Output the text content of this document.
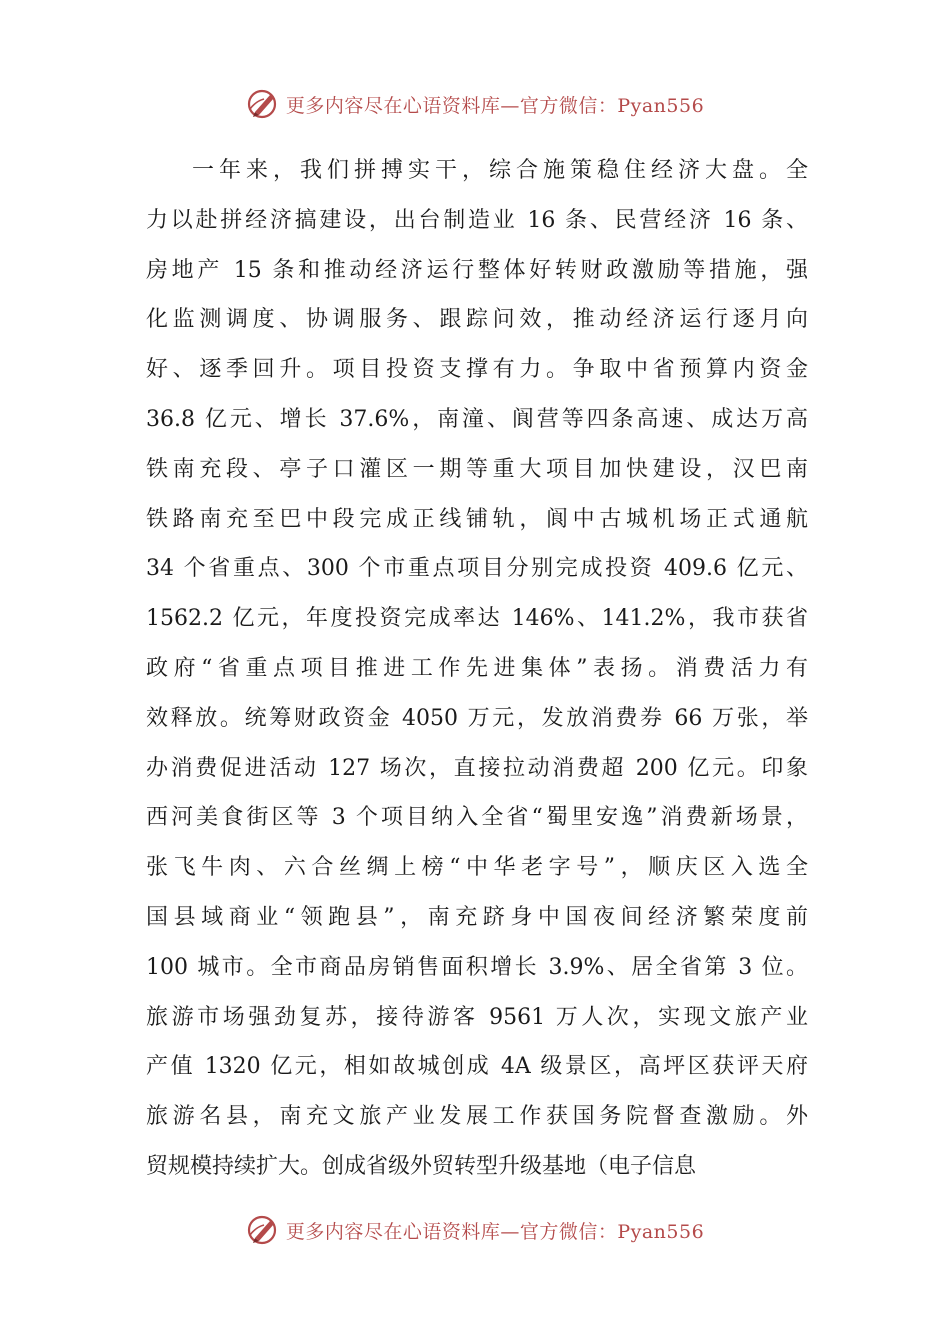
更多内容尽在心语资料库—官方微信：Pyan556
一年来，我们拼搏实干，综合施策稳住经济大盘。全
力以赴拼经济搞建设，出台制造业 16 条、民营经济 16 条、
房地产 15 条和推动经济运行整体好转财政激励等措施，强
化监测调度、协调服务、跟踪问效，推动经济运行逐月向
好、逐季回升。项目投资支撑有力。争取中省预算内资金
36.8 亿元、增长 37.6%，南潼、阆营等四条高速、成达万高
铁南充段、亭子口灌区一期等重大项目加快建设，汉巴南
铁路南充至巴中段完成正线铺轨，阆中古城机场正式通航
34 个省重点、300 个市重点项目分别完成投资 409.6 亿元、
1562.2 亿元，年度投资完成率达 146%、141.2%，我市获省
政府“省重点项目推进工作先进集体”表扬。消费活力有
效释放。统筹财政资金 4050 万元，发放消费券 66 万张，举
办消费促进活动 127 场次，直接拉动消费超 200 亿元。印象
西河美食街区等 3 个项目纳入全省“蜀里安逸”消费新场景，
张飞牛肉、六合丝绸上榜“中华老字号”，顺庆区入选全
国县域商业“领跑县”，南充跻身中国夜间经济繁荣度前
100 城市。全市商品房销售面积增长 3.9%、居全省第 3 位。
旅游市场强劲复苏，接待游客 9561 万人次，实现文旅产业
产值 1320 亿元，相如故城创成 4A 级景区，高坪区获评天府
旅游名县，南充文旅产业发展工作获国务院督查激励。外
贸规模持续扩大。创成省级外贸转型升级基地（电子信息
更多内容尽在心语资料库—官方微信：Pyan556
